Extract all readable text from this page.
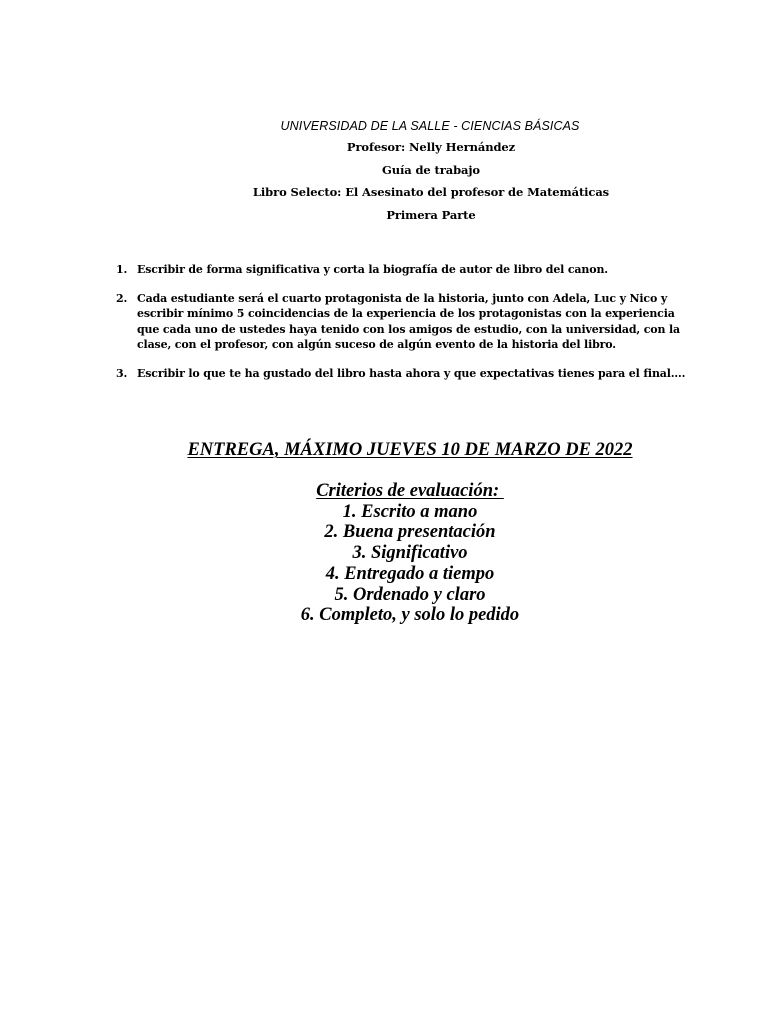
UNIVERSIDAD DE LA SALLE - CIENCIAS BÁSICAS
Profesor: Nelly Hernández
Guía de trabajo
Libro Selecto: El Asesinato del profesor de Matemáticas
Primera Parte
1. Escribir de forma significativa y corta la biografía de autor de libro del canon.
2. Cada estudiante será el cuarto protagonista de la historia, junto con Adela, Luc y Nico y escribir mínimo 5 coincidencias de la experiencia de los protagonistas con la experiencia que cada uno de ustedes haya tenido con los amigos de estudio, con la universidad, con la clase, con el profesor, con algún suceso de algún evento de la historia del libro.
3. Escribir lo que te ha gustado del libro hasta ahora y que expectativas tienes para el final….
ENTREGA, MÁXIMO JUEVES 10 DE MARZO DE 2022
Criterios de evaluación:
1. Escrito a mano
2. Buena presentación
3. Significativo
4. Entregado a tiempo
5. Ordenado y claro
6. Completo, y solo lo pedido
